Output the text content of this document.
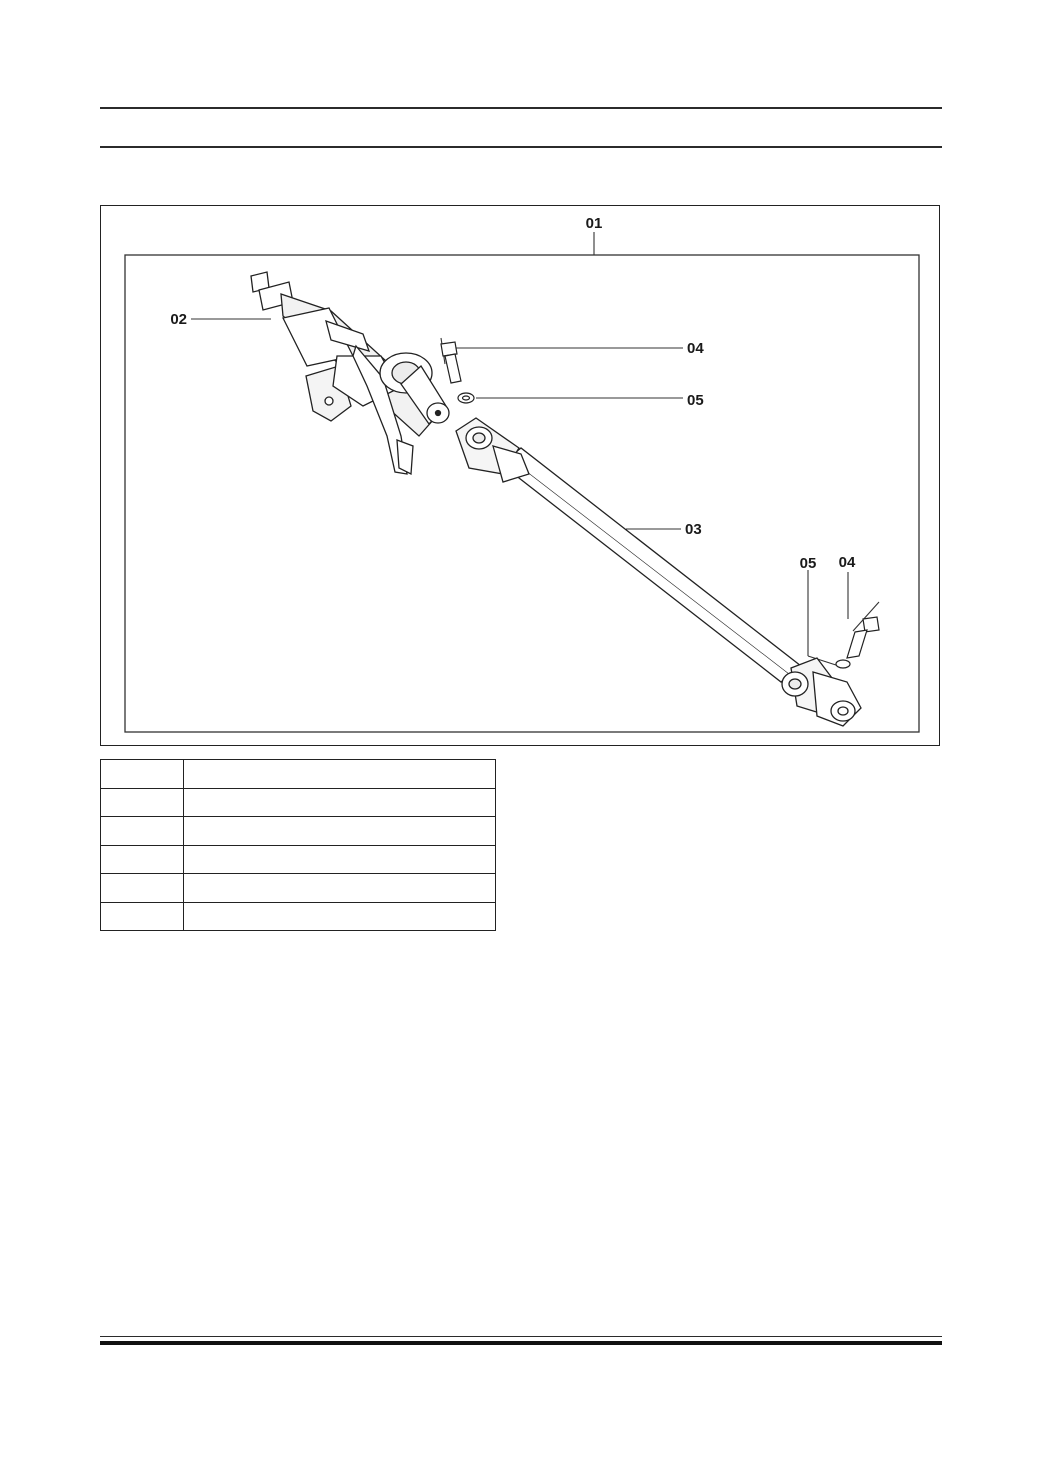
01
02
03
04
05
05 04
